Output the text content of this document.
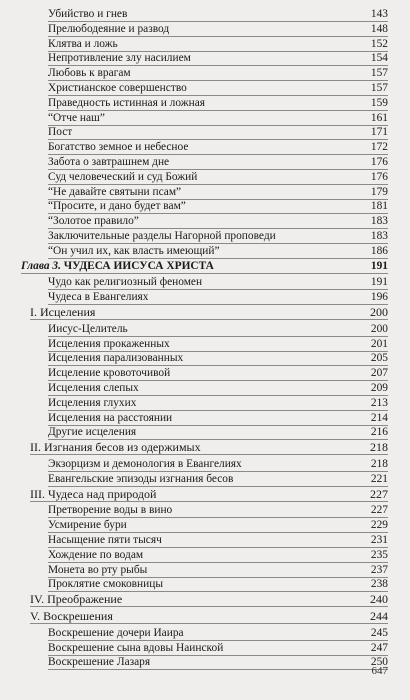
Убийство и гнев	143
Прелюбодеяние и развод	148
Клятва и ложь	152
Непротивление злу насилием	154
Любовь к врагам	157
Христианское совершенство	157
Праведность истинная и ложная	159
“Отче наш”	161
Пост	171
Богатство земное и небесное	172
Забота о завтрашнем дне	176
Суд человеческий и суд Божий	176
“Не давайте святыни псам”	179
“Просите, и дано будет вам”	181
“Золотое правило”	183
Заключительные разделы Нагорной проповеди	183
“Он учил их, как власть имеющий”	186
Глава 3. ЧУДЕСА ИИСУСА ХРИСТА	191
Чудо как религиозный феномен	191
Чудеса в Евангелиях	196
I. Исцеления	200
Иисус-Целитель	200
Исцеления прокаженных	201
Исцеления парализованных	205
Исцеление кровоточивой	207
Исцеления слепых	209
Исцеления глухих	213
Исцеления на расстоянии	214
Другие исцеления	216
II. Изгнания бесов из одержимых	218
Экзорцизм и демонология в Евангелиях	218
Евангельские эпизоды изгнания бесов	221
III. Чудеса над природой	227
Претворение воды в вино	227
Усмирение бури	229
Насыщение пяти тысяч	231
Хождение по водам	235
Монета во рту рыбы	237
Проклятие смоковницы	238
IV. Преображение	240
V. Воскрешения	244
Воскрешение дочери Иаира	245
Воскрешение сына вдовы Наинской	247
Воскрешение Лазаря	250
647
